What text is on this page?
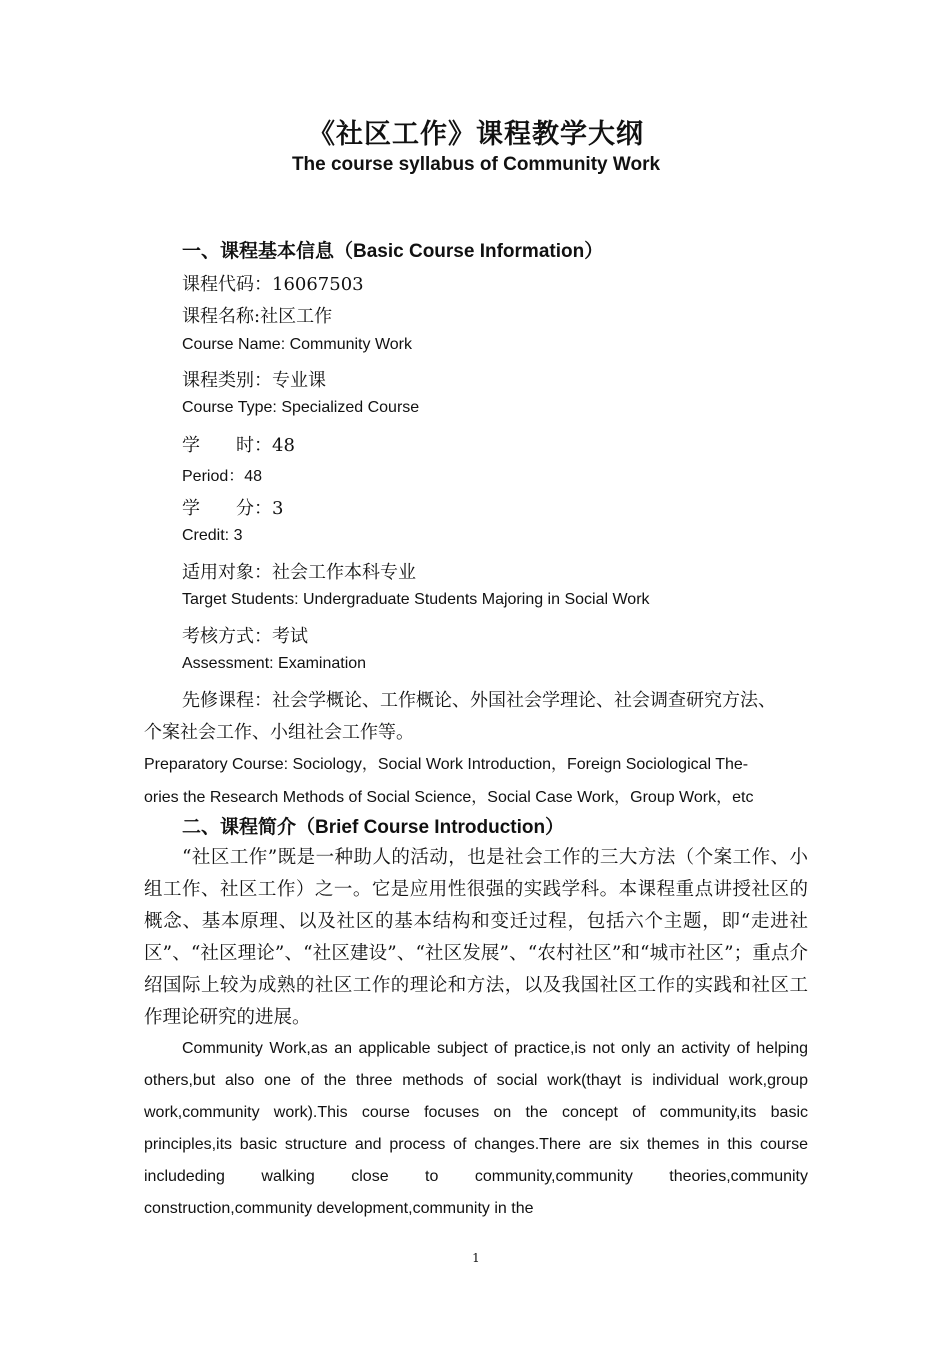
《社区工作》课程教学大纲
The course syllabus of Community Work
一、课程基本信息（Basic Course Information）
课程代码：16067503
课程名称:社区工作
Course Name: Community Work
课程类别：专业课
Course Type: Specialized Course
学　　时：48
Period：48
学　　分：3
Credit: 3
适用对象：社会工作本科专业
Target Students: Undergraduate Students Majoring in Social Work
考核方式：考试
Assessment: Examination
先修课程：社会学概论、工作概论、外国社会学理论、社会调查研究方法、
个案社会工作、小组社会工作等。
Preparatory Course: Sociology，Social Work Introduction，Foreign Sociological The-
ories the Research Methods of Social Science，Social Case Work，Group Work，etc
二、课程简介（Brief Course Introduction）
“社区工作”既是一种助人的活动，也是社会工作的三大方法（个案工作、小组工作、社区工作）之一。它是应用性很强的实践学科。本课程重点讲授社区的概念、基本原理、以及社区的基本结构和变迁过程，包括六个主题，即“走进社区”、“社区理论”、“社区建设”、“社区发展”、“农村社区”和“城市社区”；重点介绍国际上较为成熟的社区工作的理论和方法，以及我国社区工作的实践和社区工作理论研究的进展。
Community Work,as an applicable subject of practice,is not only an activity of helping others,but also one of the three methods of social work(thayt is individual work,group work,community work).This course focuses on the concept of community,its basic principles,its basic structure and process of changes.There are six themes in this course includeding walking close to community,community theories,community construction,community development,community in the
1
